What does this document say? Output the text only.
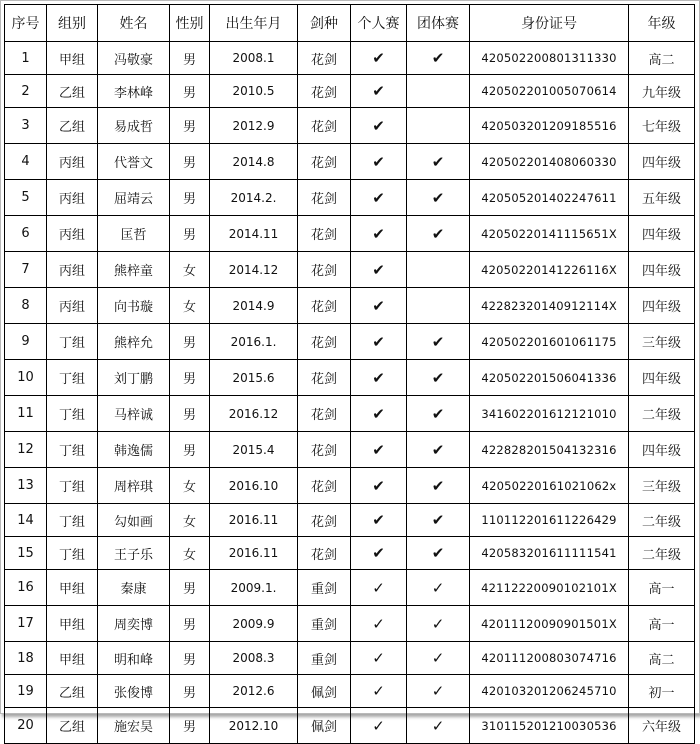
序号	组别	姓名	性别	出生年月	剑种	个人赛	团体赛	身份证号	年级
1	甲组	冯敬豪	男	2008.1	花剑	✔	✔	420502200801311330	高二
2	乙组	李林峰	男	2010.5	花剑	✔		420502201005070614	九年级
3	乙组	易成哲	男	2012.9	花剑	✔		420503201209185516	七年级
4	丙组	代誉文	男	2014.8	花剑	✔	✔	420502201408060330	四年级
5	丙组	屈靖云	男	2014.2.	花剑	✔	✔	420505201402247611	五年级
6	丙组	匡哲	男	2014.11	花剑	✔	✔	42050220141115651X	四年级
7	丙组	熊梓童	女	2014.12	花剑	✔		42050220141226116X	四年级
8	丙组	向书璇	女	2014.9	花剑	✔		42282320140912114X	四年级
9	丁组	熊梓允	男	2016.1.	花剑	✔	✔	420502201601061175	三年级
10	丁组	刘丁鹏	男	2015.6	花剑	✔	✔	420502201506041336	四年级
11	丁组	马梓诚	男	2016.12	花剑	✔	✔	341602201612121010	二年级
12	丁组	韩逸儒	男	2015.4	花剑	✔	✔	422828201504132316	四年级
13	丁组	周梓琪	女	2016.10	花剑	✔	✔	42050220161021062x	三年级
14	丁组	勾如画	女	2016.11	花剑	✔	✔	110112201611226429	二年级
15	丁组	王子乐	女	2016.11	花剑	✔	✔	420583201611111541	二年级
16	甲组	秦康	男	2009.1.	重剑	✓	✓	42112220090102101X	高一
17	甲组	周奕博	男	2009.9	重剑	✓	✓	42011120090901501X	高一
18	甲组	明和峰	男	2008.3	重剑	✓	✓	420111200803074716	高二
19	乙组	张俊博	男	2012.6	佩剑	✓	✓	420103201206245710	初一
20	乙组	施宏昊	男	2012.10	佩剑	✓	✓	310115201210030536	六年级
